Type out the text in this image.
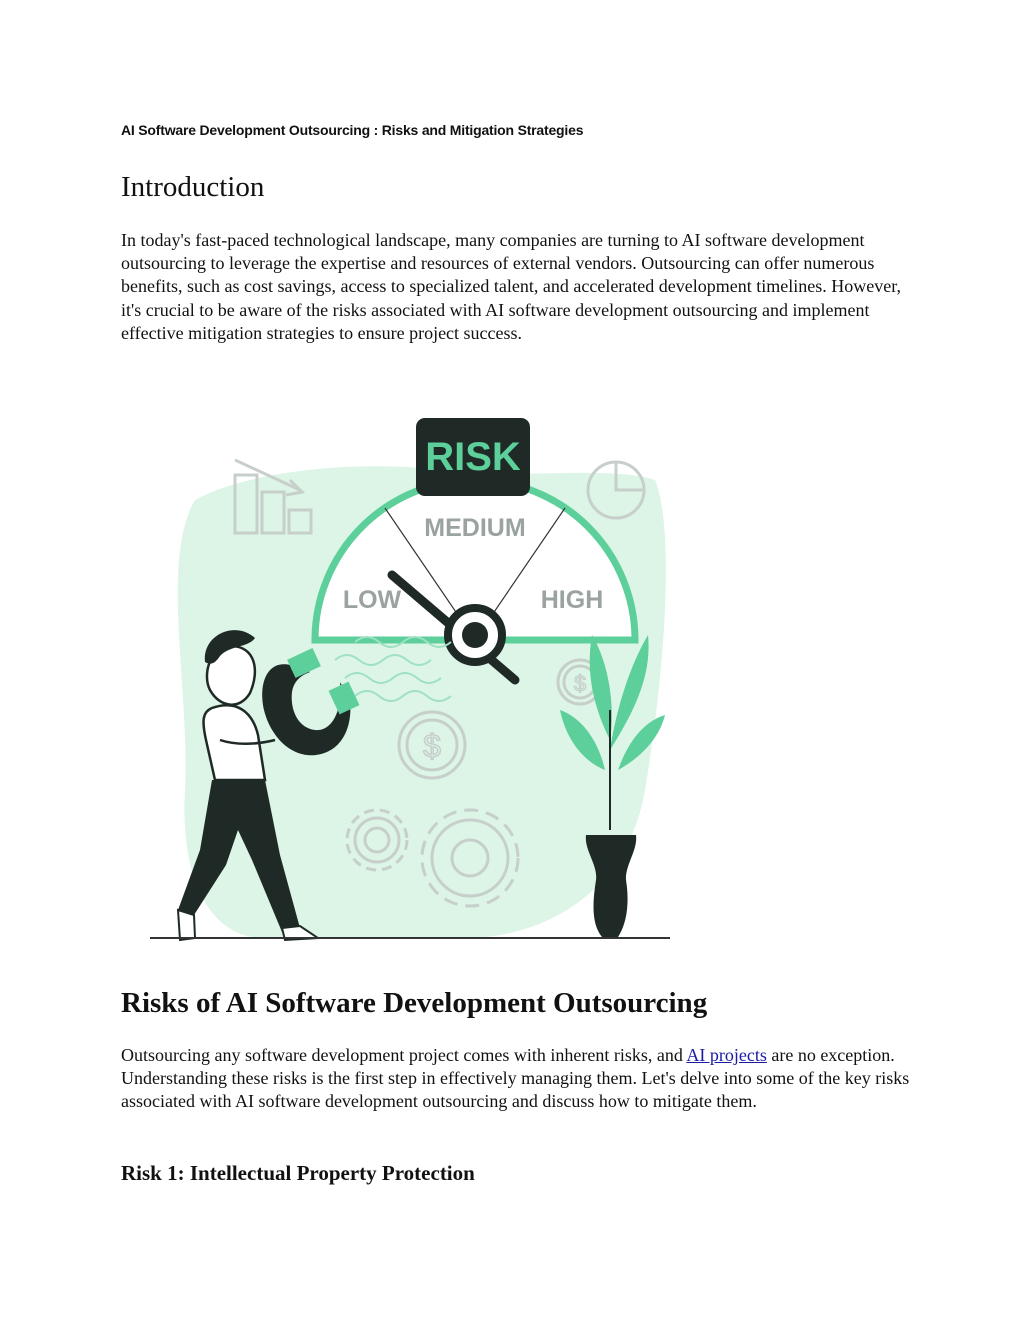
AI Software Development Outsourcing : Risks and Mitigation Strategies
Introduction

In today's fast-paced technological landscape, many companies are turning to AI software development outsourcing to leverage the expertise and resources of external vendors. Outsourcing can offer numerous benefits, such as cost savings, access to specialized talent, and accelerated development timelines. However, it's crucial to be aware of the risks associated with AI software development outsourcing and implement effective mitigation strategies to ensure project success.

MEDIUM
LOW	HIGH
RISK
$
$
Risks of AI Software Development Outsourcing

Outsourcing any software development project comes with inherent risks, and AI projects are no exception. Understanding these risks is the first step in effectively managing them. Let's delve into some of the key risks associated with AI software development outsourcing and discuss how to mitigate them.

Risk 1: Intellectual Property Protection
